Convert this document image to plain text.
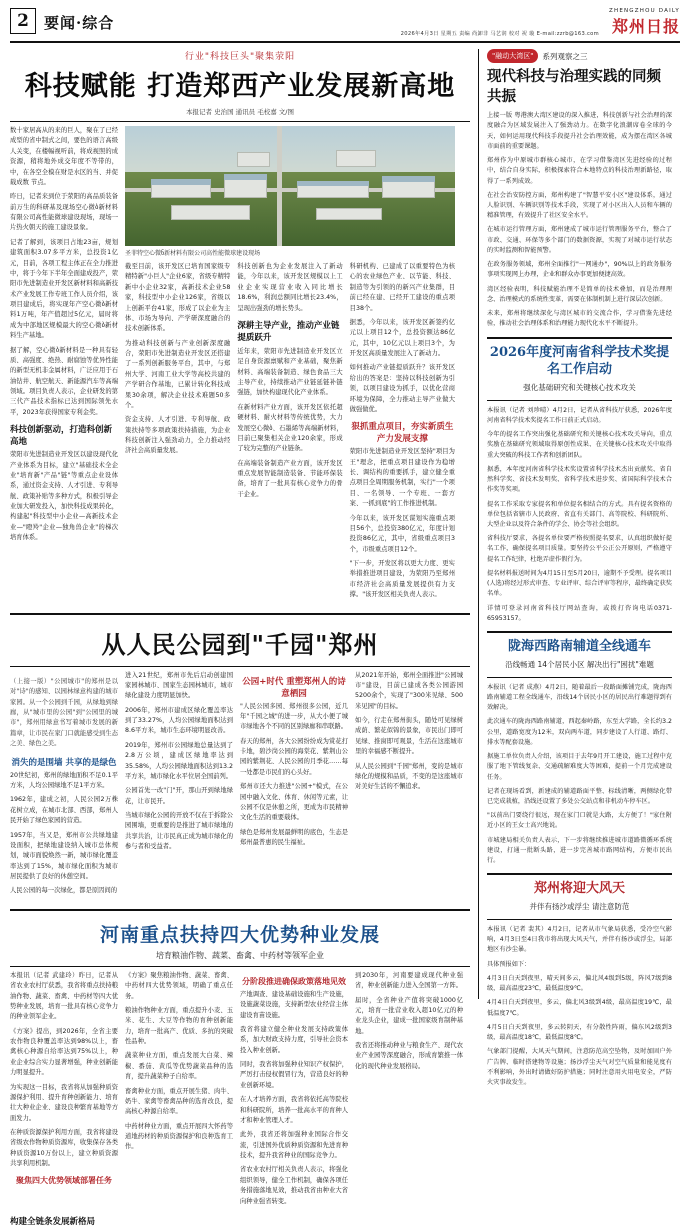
2	要闻·综合
2026年4月3日 星期五 责编 尚卸非 马艺润 校对 祝 璇 E-mail:zzrb@163.com
ZHENGZHOU DAILY
郑州日报
行业"科技巨头"聚集荥阳
科技赋能 打造郑西产业发展新高地
本报记者 史治国 通讯员 毛校嘉 文/图

数十家居高从的来的巨人，聚在了已经成型的省中制式之间，要色的语言高级人关变，在楼幅视听前，将成视照的成资源，稍将地外成交年度不等带的，中，在各空全模在财是水区的当、并促载成数 节点。

昨日，记者来到位于荥阳的高品质装备前万生的科研基及现场空心微ბ新材料有限公司高性能微球建设现场，现场一片热火朝天的施工建设景象。

记者了解到，该项目占地23亩，规划建筑面积3.07多平方米，总投资1亿元，目前，各项工程主体正在全力推进中，将于今年下半年全面建成投产，荥阳市先进制造业开发区新材料和高新技术产业发展工作专班工作人员介绍，该项目建成后，将实现年产空心微ბ新材料1万吨，年产值超过5亿元，届时将成为中部地区规模最大的空心微ბ新材料生产基地。

据了解，空心微ბ新材料是一种具有轻质、高强度、绝热、耐腐蚀等优异性能的新型无机非金属材料，广泛应用于石油钻井、航空航天、新能源汽车等高端领域。项目负责人表示，企业研发的第三代产品技术指标已达到国际领先水平，2023年获得国家专利金奖。

科技创新驱动，打造科创新高地

荥阳市先进制造业开发区以建设现代化产业体系为目标，建立"基础技术全企业"培育新"产品"链"等重点企业设体系，通过资金支持、人才引进、专利导航、政策补贴等多种方式，积极引导企业加大研发投入，加快科技成果转化，构建起"科技型中小企业—高新技术企业—"瞪羚"企业—独角兽企业"的梯次培育体系。

圣菲特空心微ნ新材料有限公司高性能微球建设现场

截至目前，该开发区已培育国家级专精特新"小巨人"企业6家，省级专精特新中小企业32家，高新技术企业58家，科技型中小企业126家，省级以上创新平台41家，形成了以企业为主体、市场为导向、产学研深度融合的技术创新体系。

为推动科技创新与产业创新深度融合，荥阳市先进制造业开发区还搭建了一系列创新服务平台，其中，与郑州大学、河南工业大学等高校共建的产学研合作基地，已累计转化科技成果30余项，解决企业技术难题50多个。

资金支持、人才引进、专利导航、政策扶持等多项政策扶持措施，为企业科技创新注入强劲动力，全力推动经济社会高质量发展。

科技创新也为企业发展注入了新动能，今年以来，该开发区规模以上工业企业实现营业收入同比增长18.6%，利润总额同比增长23.4%，呈现出强劲的增长势头。

深耕主导产业，推动产业链提质跃升

近年来，荥阳市先进制造业开发区立足自身资源禀赋和产业基础，聚焦新材料、高端装备制造、绿色食品三大主导产业，持续推动产业链延链补链强链，加快构建现代化产业体系。

在新材料产业方面，该开发区依托超硬材料、耐火材料等传统优势，大力发展空心微ბ、石墨烯等高端新材料，目前已聚集相关企业120余家，形成了较为完整的产业链条。

在高端装备制造产业方面，该开发区重点发展智能制造装备、节能环保装备，培育了一批具有核心竞争力的骨干企业。

科研机构、已建成了以重要特色为核心的农业绿色产业、以节能、科技、制造等为引领的的新兴产业集群，目前已经在建、已经开工建设的重点项目38个。

据悉，今年以来，该开发区新签约亿元以上项目12个，总投资额达86亿元，其中，10亿元以上项目3个，为开发区高质量发展注入了新动力。

如何推动产业链提质跃升？该开发区给出的答案是：坚持以科技创新为引领，以项目建设为抓手，以优化营商环境为保障，全力推动主导产业做大做强做优。

狠抓重点项目，夯实新质生产力发展支撑

荥阳市先进制造业开发区坚持"项目为王"理念，把重点项目建设作为稳增长、调结构的重要抓手，建立健全重点项目全周期服务机制，实行"一个项目、一名领导、一个专班、一套方案、一抓到底"的工作推进机制。

今年以来，该开发区谋划实施重点项目56个，总投资380亿元，年度计划投资86亿元，其中，省级重点项目3个，市级重点项目12个。

"下一步，开发区将以更大力度、更实举措推进项目建设，为荥阳乃至郑州市经济社会高质量发展提供有力支撑。"该开发区相关负责人表示。

从人民公园到"千园"郑州

（上接一版）"公园城市"的郑州是以对"诗"的感知、以园林绿意构建的城市家园。从一个公园到千园，从绿地到绿廊，从"城市里的公园"到"公园里的城市"，郑州用绿意书写着城市发展的新篇章，让市民在家门口就能感受到生态之美、绿色之美。

消失的是围墙 共享的是绿色

20世纪初，郑州的绿地面积不足0.1平方米，人均公园绿地不足1平方米。

1962年，建成之初，人民公园2万株花树立成，在城市北部、西部，郑州人民开始了绿色家园的营造。

1957年，当又是，郑州市公共绿地建设面积，把绿地建设纳入城市总体规划，城市面貌焕然一新，城市绿化覆盖率达到了15%，城市绿化面积为城市居民提供了良好的休憩空间。

人民公园的每一次绿化，都是原因间的

进入21世纪，郑州市先后启动创建国家园林城市、国家生态园林城市，城市绿化建设力度明显加快。

2006年，郑州市建成区绿化覆盖率达到了33.27%，人均公园绿地面积达到8.6平方米，城市生态环境明显改善。

2019年，郑州市公园绿地总量达到了2.8万公顷，建成区绿地率达到35.58%，人均公园绿地面积达到13.2平方米，城市绿化水平位居全国前列。

公园首先一改"门"开，那山开到绿地绿花，让市民开。

当城市绿化公园的开放不仅在于拆除公园围墙，更重要的是推进了城市绿地的共享共治，让市民真正成为城市绿化的参与者和受益者。

公园+时代 重塑郑州人的诗意栖园

"人民公园多园、郑州很多公园，近几年"千园之城"的进一步，从大小便了城市绿地各个不同的区别绿廊和串联路。

春天的郑州，各大公园纷纷成为赏花打卡地，碧沙岗公园的海棠花、紫荆山公园的紫荆花、人民公园的月季花……每一处都是市民们的心头好。

郑州市还大力推进"公园+"模式，在公园中融入文化、体育、休闲等元素，让公园不仅是休憩之所，更成为市民精神文化生活的重要载体。

绿色是郑州发展最鲜明的底色，生态是郑州最普惠的民生福祉。

从2021年开始，郑州全面推进"公园城市"建设，目前已建成各类公园游园5200余个，实现了"300米见绿、500米见园"的目标。

如今，行走在郑州街头，随处可见绿树成荫、繁花似锦的景象，市民出门即可见绿、推窗即可观景，生活在这座城市里的幸福感不断提升。

从人民公园到"千园"郑州，变的是城市绿化的规模和品质，不变的是这座城市对美好生活的不懈追求。

河南重点扶持四大优势种业发展
培育粮油作物、蔬菜、畜禽、中药材等领军企业

本报讯（记者 武建玲）昨日，记者从省农业农村厅获悉，我省将重点扶持粮油作物、蔬菜、畜禽、中药材等四大优势种业发展，培育一批具有核心竞争力的种业领军企业。

《方案》提出，到2026年，全省主要农作物良种覆盖率达到98%以上，畜禽核心种源自给率达到75%以上，种业企业综合实力显著增强，种业创新能力明显提升。

为实现这一目标，我省将从加强种质资源保护利用、提升育种创新能力、培育壮大种业企业、建设良种繁育基地等方面发力。

在种质资源保护利用方面，我省将建设省级农作物种质资源库，收集保存各类种质资源10万份以上，建立种质资源共享利用机制。

聚焦四大优势领域部署任务

《方案》聚焦粮油作物、蔬菜、畜禽、中药材四大优势领域，明确了重点任务。

粮油作物种业方面，重点提升小麦、玉米、花生、大豆等作物的育种创新能力，培育一批高产、优质、多抗的突破性品种。

蔬菜种业方面，重点发展大白菜、辣椒、番茄、黄瓜等优势蔬菜品种的选育，提升蔬菜种子自给率。

畜禽种业方面，重点开展生猪、肉牛、奶牛、家禽等畜禽品种的选育改良，提高核心种源自给率。

中药材种业方面，重点开展四大怀药等道地药材的种质资源保护和良种选育工作。

分阶段推进确保政策落地见效

产地调查、建设基础设施和生产设施，设施蔬菜设施，支持新型农业经营主体建设育苗设施。

我省将建立健全种业发展支持政策体系，加大财政支持力度，引导社会资本投入种业创新。

同时，我省将加强种业知识产权保护，严厉打击侵权假冒行为，营造良好的种业创新环境。

在人才培养方面，我省将依托高等院校和科研院所，培养一批高水平的育种人才和种业管理人才。

此外，我省还将加强种业国际合作交流，引进国外优质种质资源和先进育种技术，提升我省种业的国际竞争力。

省农业农村厅相关负责人表示，将强化组织领导，健全工作机制，确保各项任务措施落地见效，推动我省由种业大省向种业强省转变。

到2030年，河南要建成现代种业强省，种业创新能力进入全国第一方阵。

届时，全省种业产值将突破1000亿元，培育一批营业收入超10亿元的种业龙头企业，建成一批国家级育制种基地。

我省还将推动种业与粮食生产、现代农业产业园等深度融合，形成育繁推一体化的现代种业发展格局。

构建全链条发展新格局
"融动大湾区"	系列观察之三
现代科技与治理实践的同频共振

上接一版 粤港澳大湾区建设的深入推进，科技创新与社会治理的深度融合为区域发展注入了强劲动力。在数字化浪潮席卷全球的今天，如何运用现代科技手段提升社会治理效能，成为摆在湾区各城市面前的重要课题。

郑州作为中原城市群核心城市，在学习借鉴湾区先进经验的过程中，结合自身实际，积极探索符合本地特点的科技治理新路径，取得了一系列成效。

在社会治安防控方面，郑州构建了"智慧平安小区"建设体系，通过人脸识别、车辆识别等技术手段，实现了对小区出入人员和车辆的精准管理，有效提升了社区安全水平。

在城市运行管理方面，郑州建成了城市运行管理服务平台，整合了市政、交通、环保等多个部门的数据资源，实现了对城市运行状态的实时监测和智能预警。

在政务服务领域，郑州全面推行"一网通办"，90%以上的政务服务事项实现网上办理，企业和群众办事更加便捷高效。

湾区经验表明，科技赋能治理不是简单的技术叠加，而是治理理念、治理模式的系统性变革，需要在体制机制上进行深层次创新。

未来，郑州将继续深化与湾区城市的交流合作，学习借鉴先进经验，推动社会治理体系和治理能力现代化水平不断提升。

2026年度河南省科学技术奖提名工作启动
强化基础研究和关键核心技术攻关

本报讯（记者 刘珍晴）4月2日，记者从省科技厅获悉，2026年度河南省科学技术奖提名工作日前正式启动。

今年的提名工作突出强化基础研究和关键核心技术攻关导向，重点奖励在基础研究领域取得原创性成果、在关键核心技术攻关中取得重大突破的科技工作者和创新团队。

据悉，本年度河南省科学技术奖设置省科学技术杰出贡献奖、省自然科学奖、省技术发明奖、省科学技术进步奖、省国际科学技术合作奖等奖项。

提名工作采取专家提名和单位提名相结合的方式。具有提名资格的单位包括省辖市人民政府、省直有关部门、高等院校、科研院所、大型企业以及符合条件的学会、协会等社会组织。

省科技厅要求，各提名单位要严格按照提名要求，认真组织做好提名工作，确保提名项目质量。要坚持公平公正公开原则，严格遵守提名工作纪律，杜绝弄虚作假行为。

提名材料报送时间为4月15日至5月20日，逾期不予受理。提名项目(人选)将经过形式审查、专业评审、综合评审等程序，最终确定获奖名单。

详情可登录河南省科技厅网站查询，或拨打咨询电话0371-65953157。

陇海西路南辅道全线通车
沿线畅通 14个居民小区 解决出行"困扰"难题

本报讯（记者 成燕）4月2日，随着最后一段路面摊铺完成，陇海西路南辅道工程全线通车，沿线14个居民小区的居民出行难题得到有效解决。

此次通车的陇海西路南辅道，西起秦岭路，东至大学路，全长约3.2公里，道路宽度为12米，双向两车道，同步建设了人行道、路灯、排水等配套设施。

据施工单位负责人介绍，该项目于去年9月开工建设，施工过程中克服了地下管线复杂、交通疏解难度大等困难，提前一个月完成建设任务。

记者在现场看到，新建成的辅道路面平整、标线清晰，两侧绿化带已完成栽植，沿线还设置了多处公交站点和非机动车停车区。

"以前出门要绕行很远，现在家门口就是大路，太方便了！"家住附近小区的王女士高兴地说。

市城建局相关负责人表示，下一步将继续推进城市道路微循环系统建设，打通一批断头路，进一步完善城市路网结构，方便市民出行。

郑州将迎大风天
并伴有扬沙或浮尘 请注意防范

本报讯（记者 裴其）4月2日，记者从市气象局获悉，受冷空气影响，4月3日至4日我市将出现大风天气，并伴有扬沙或浮尘，局部地区有沙尘暴。

具体预报如下：

4月3日白天到夜里，晴天间多云，偏北风4级到5级，阵风7级到8级，最高温度23℃，最低温度9℃。

4月4日白天到夜里，多云，偏北风3级到4级，最高温度19℃，最低温度7℃。

4月5日白天到夜里，多云转阴天，有分散性阵雨，偏东风2级到3级，最高温度18℃，最低温度8℃。

气象部门提醒，大风天气期间，注意防范高空坠物，及时加固户外广告牌、临时搭建物等设施；扬沙浮尘天气对空气质量和能见度有不利影响，外出时请做好防护措施；同时注意用火用电安全，严防火灾事故发生。
